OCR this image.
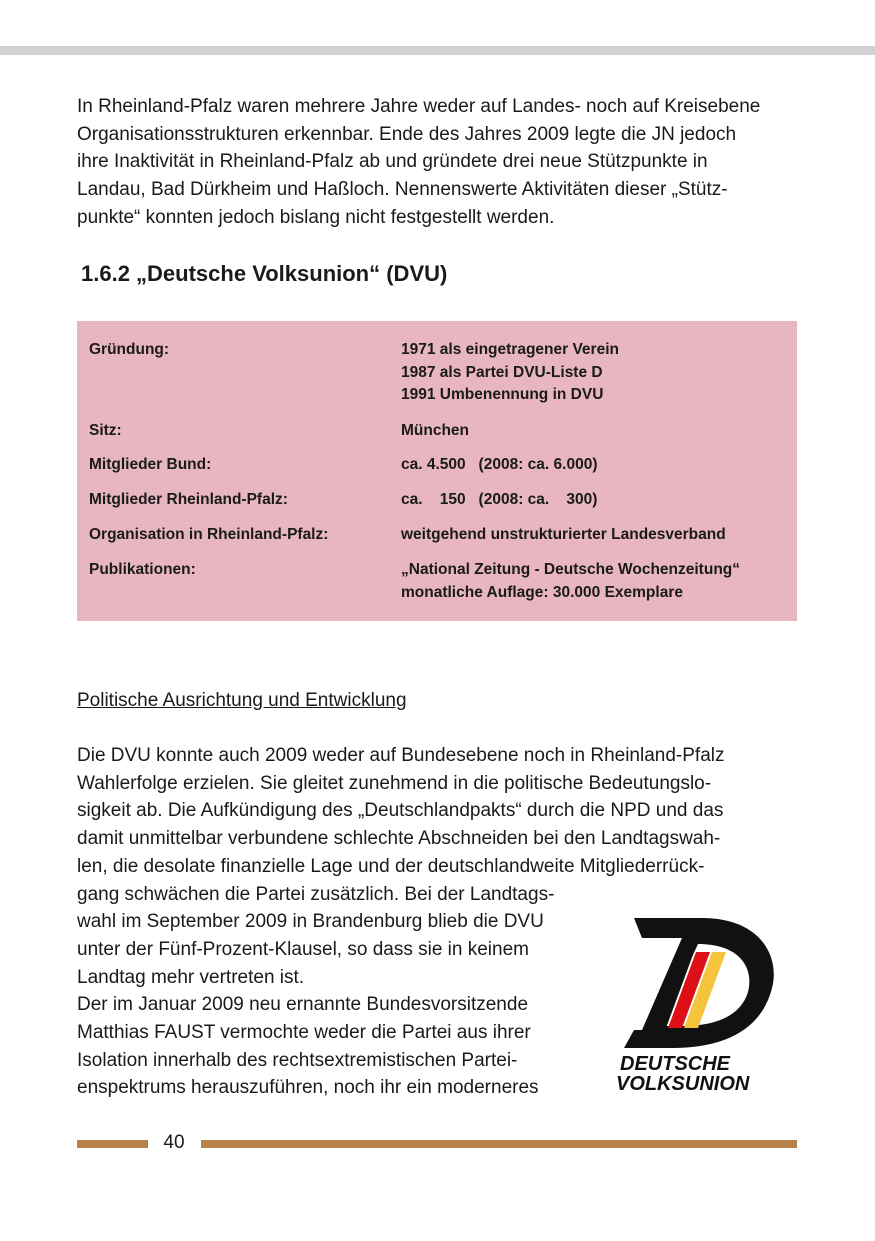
In Rheinland-Pfalz waren mehrere Jahre weder auf Landes- noch auf Kreisebene
Organisationsstrukturen erkennbar. Ende des Jahres 2009 legte die JN jedoch
ihre Inaktivität in Rheinland-Pfalz ab und gründete drei neue Stützpunkte in
Landau, Bad Dürkheim und Haßloch. Nennenswerte Aktivitäten dieser „Stütz-
punkte“ konnten jedoch bislang nicht festgestellt werden.

1.6.2 „Deutsche Volksunion“ (DVU)
Gründung:	1971 als eingetragener Verein
1987 als Partei DVU-Liste D
1991 Umbenennung in DVU
Sitz:	München
Mitglieder Bund:	ca. 4.500   (2008: ca. 6.000)
Mitglieder Rheinland-Pfalz:	ca.    150   (2008: ca.    300)
Organisation in Rheinland-Pfalz:	weitgehend unstrukturierter Landesverband
Publikationen:	„National Zeitung - Deutsche Wochenzeitung“
monatliche Auflage: 30.000 Exemplare
Politische Ausrichtung und Entwicklung

Die DVU konnte auch 2009 weder auf Bundesebene noch in Rheinland-Pfalz
Wahlerfolge erzielen. Sie gleitet zunehmend in die politische Bedeutungslo-
sigkeit ab. Die Aufkündigung des „Deutschlandpakts“ durch die NPD und das
damit unmittelbar verbundene schlechte Abschneiden bei den Landtagswah-
len, die desolate finanzielle Lage und der deutschlandweite Mitgliederrück-
gang schwächen die Partei zusätzlich. Bei der Landtags-
wahl im September 2009 in Brandenburg blieb die DVU
unter der Fünf-Prozent-Klausel, so dass sie in keinem
Landtag mehr vertreten ist.
Der im Januar 2009 neu ernannte Bundesvorsitzende
Matthias FAUST vermochte weder die Partei aus ihrer
Isolation innerhalb des rechtsextremistischen Partei-
enspektrums herauszuführen, noch ihr ein moderneres

DEUTSCHE
VOLKSUNION
40
